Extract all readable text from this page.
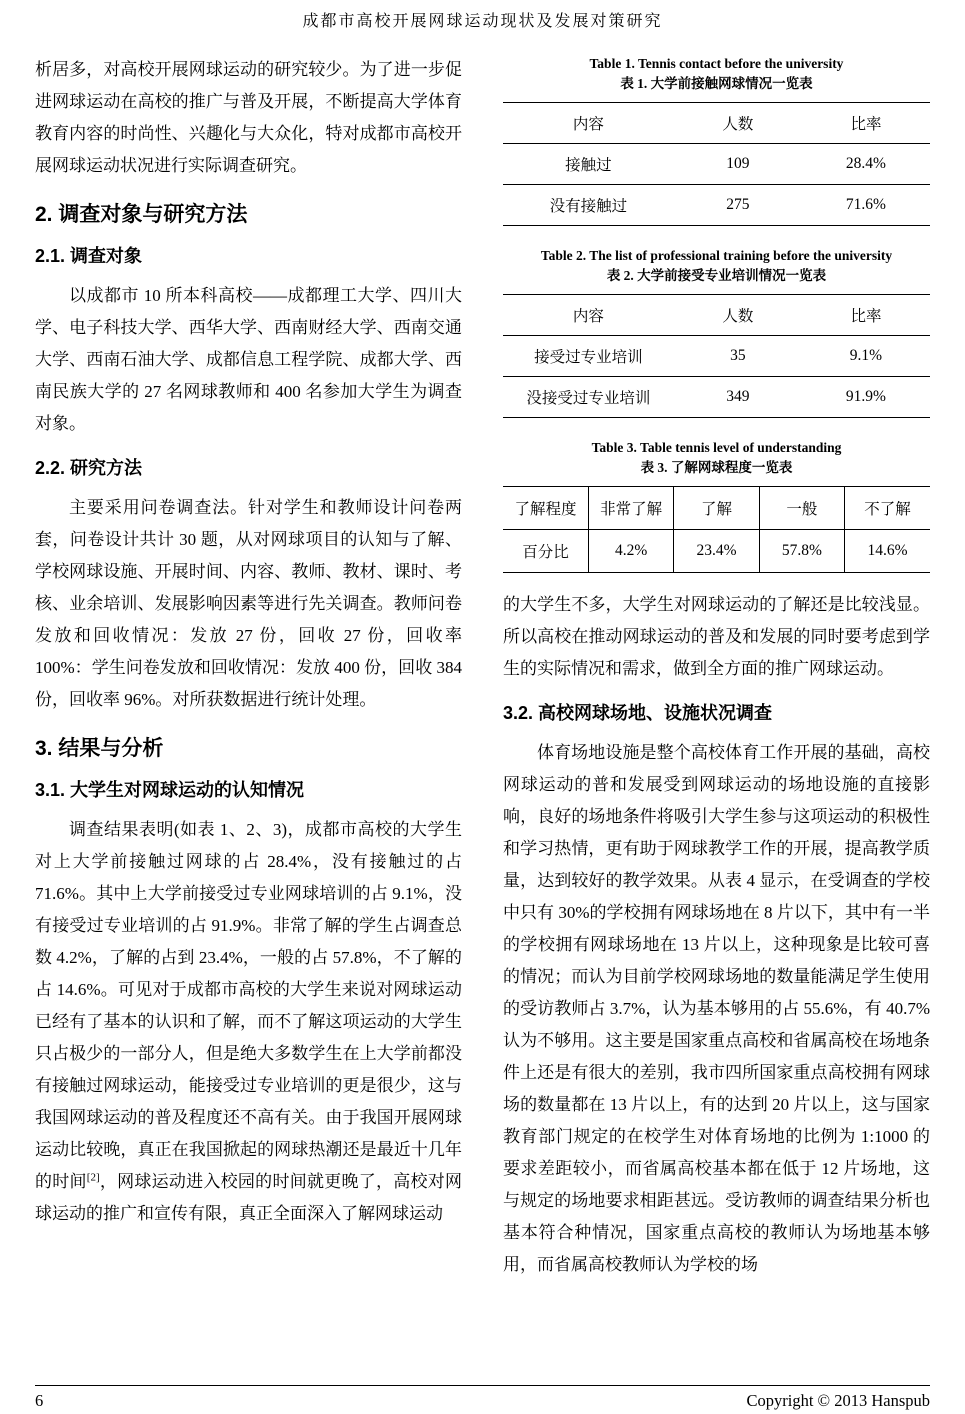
成都市高校开展网球运动现状及发展对策研究

析居多，对高校开展网球运动的研究较少。为了进一步促进网球运动在高校的推广与普及开展，不断提高大学体育教育内容的时尚性、兴趣化与大众化，特对成都市高校开展网球运动状况进行实际调查研究。

2. 调查对象与研究方法
2.1. 调查对象

以成都市 10 所本科高校——成都理工大学、四川大学、电子科技大学、西华大学、西南财经大学、西南交通大学、西南石油大学、成都信息工程学院、成都大学、西南民族大学的 27 名网球教师和 400 名参加大学生为调查对象。

2.2. 研究方法

主要采用问卷调查法。针对学生和教师设计问卷两套，问卷设计共计 30 题，从对网球项目的认知与了解、学校网球设施、开展时间、内容、教师、教材、课时、考核、业余培训、发展影响因素等进行先关调查。教师问卷发放和回收情况：发放 27 份，回收 27 份，回收率 100%：学生问卷发放和回收情况：发放 400 份，回收 384 份，回收率 96%。对所获数据进行统计处理。

3. 结果与分析
3.1. 大学生对网球运动的认知情况

调查结果表明(如表 1、2、3)，成都市高校的大学生对上大学前接触过网球的占 28.4%，没有接触过的占 71.6%。其中上大学前接受过专业网球培训的占 9.1%，没有接受过专业培训的占 91.9%。非常了解的学生占调查总数 4.2%，了解的占到 23.4%，一般的占 57.8%，不了解的占 14.6%。可见对于成都市高校的大学生来说对网球运动已经有了基本的认识和了解，而不了解这项运动的大学生只占极少的一部分人，但是绝大多数学生在上大学前都没有接触过网球运动，能接受过专业培训的更是很少，这与我国网球运动的普及程度还不高有关。由于我国开展网球运动比较晚，真正在我国掀起的网球热潮还是最近十几年的时间[2]，网球运动进入校园的时间就更晚了，高校对网球运动的推广和宣传有限，真正全面深入了解网球运动

Table 1. Tennis contact before the university
表 1. 大学前接触网球情况一览表
内容	人数	比率
接触过	109	28.4%
没有接触过	275	71.6%
Table 2. The list of professional training before the university
表 2. 大学前接受专业培训情况一览表
内容	人数	比率
接受过专业培训	35	9.1%
没接受过专业培训	349	91.9%
Table 3. Table tennis level of understanding
表 3. 了解网球程度一览表
了解程度	非常了解	了解	一般	不了解
百分比	4.2%	23.4%	57.8%	14.6%

的大学生不多，大学生对网球运动的了解还是比较浅显。所以高校在推动网球运动的普及和发展的同时要考虑到学生的实际情况和需求，做到全方面的推广网球运动。

3.2. 高校网球场地、设施状况调查

体育场地设施是整个高校体育工作开展的基础，高校网球运动的普和发展受到网球运动的场地设施的直接影响，良好的场地条件将吸引大学生参与这项运动的积极性和学习热情，更有助于网球教学工作的开展，提高教学质量，达到较好的教学效果。从表 4 显示，在受调查的学校中只有 30%的学校拥有网球场地在 8 片以下，其中有一半的学校拥有网球场地在 13 片以上，这种现象是比较可喜的情况；而认为目前学校网球场地的数量能满足学生使用的受访教师占 3.7%，认为基本够用的占 55.6%，有 40.7%认为不够用。这主要是国家重点高校和省属高校在场地条件上还是有很大的差别，我市四所国家重点高校拥有网球场的数量都在 13 片以上，有的达到 20 片以上，这与国家教育部门规定的在校学生对体育场地的比例为 1:1000 的要求差距较小，而省属高校基本都在低于 12 片场地，这与规定的场地要求相距甚远。受访教师的调查结果分析也基本符合种情况，国家重点高校的教师认为场地基本够用，而省属高校教师认为学校的场

6	Copyright © 2013 Hanspub
